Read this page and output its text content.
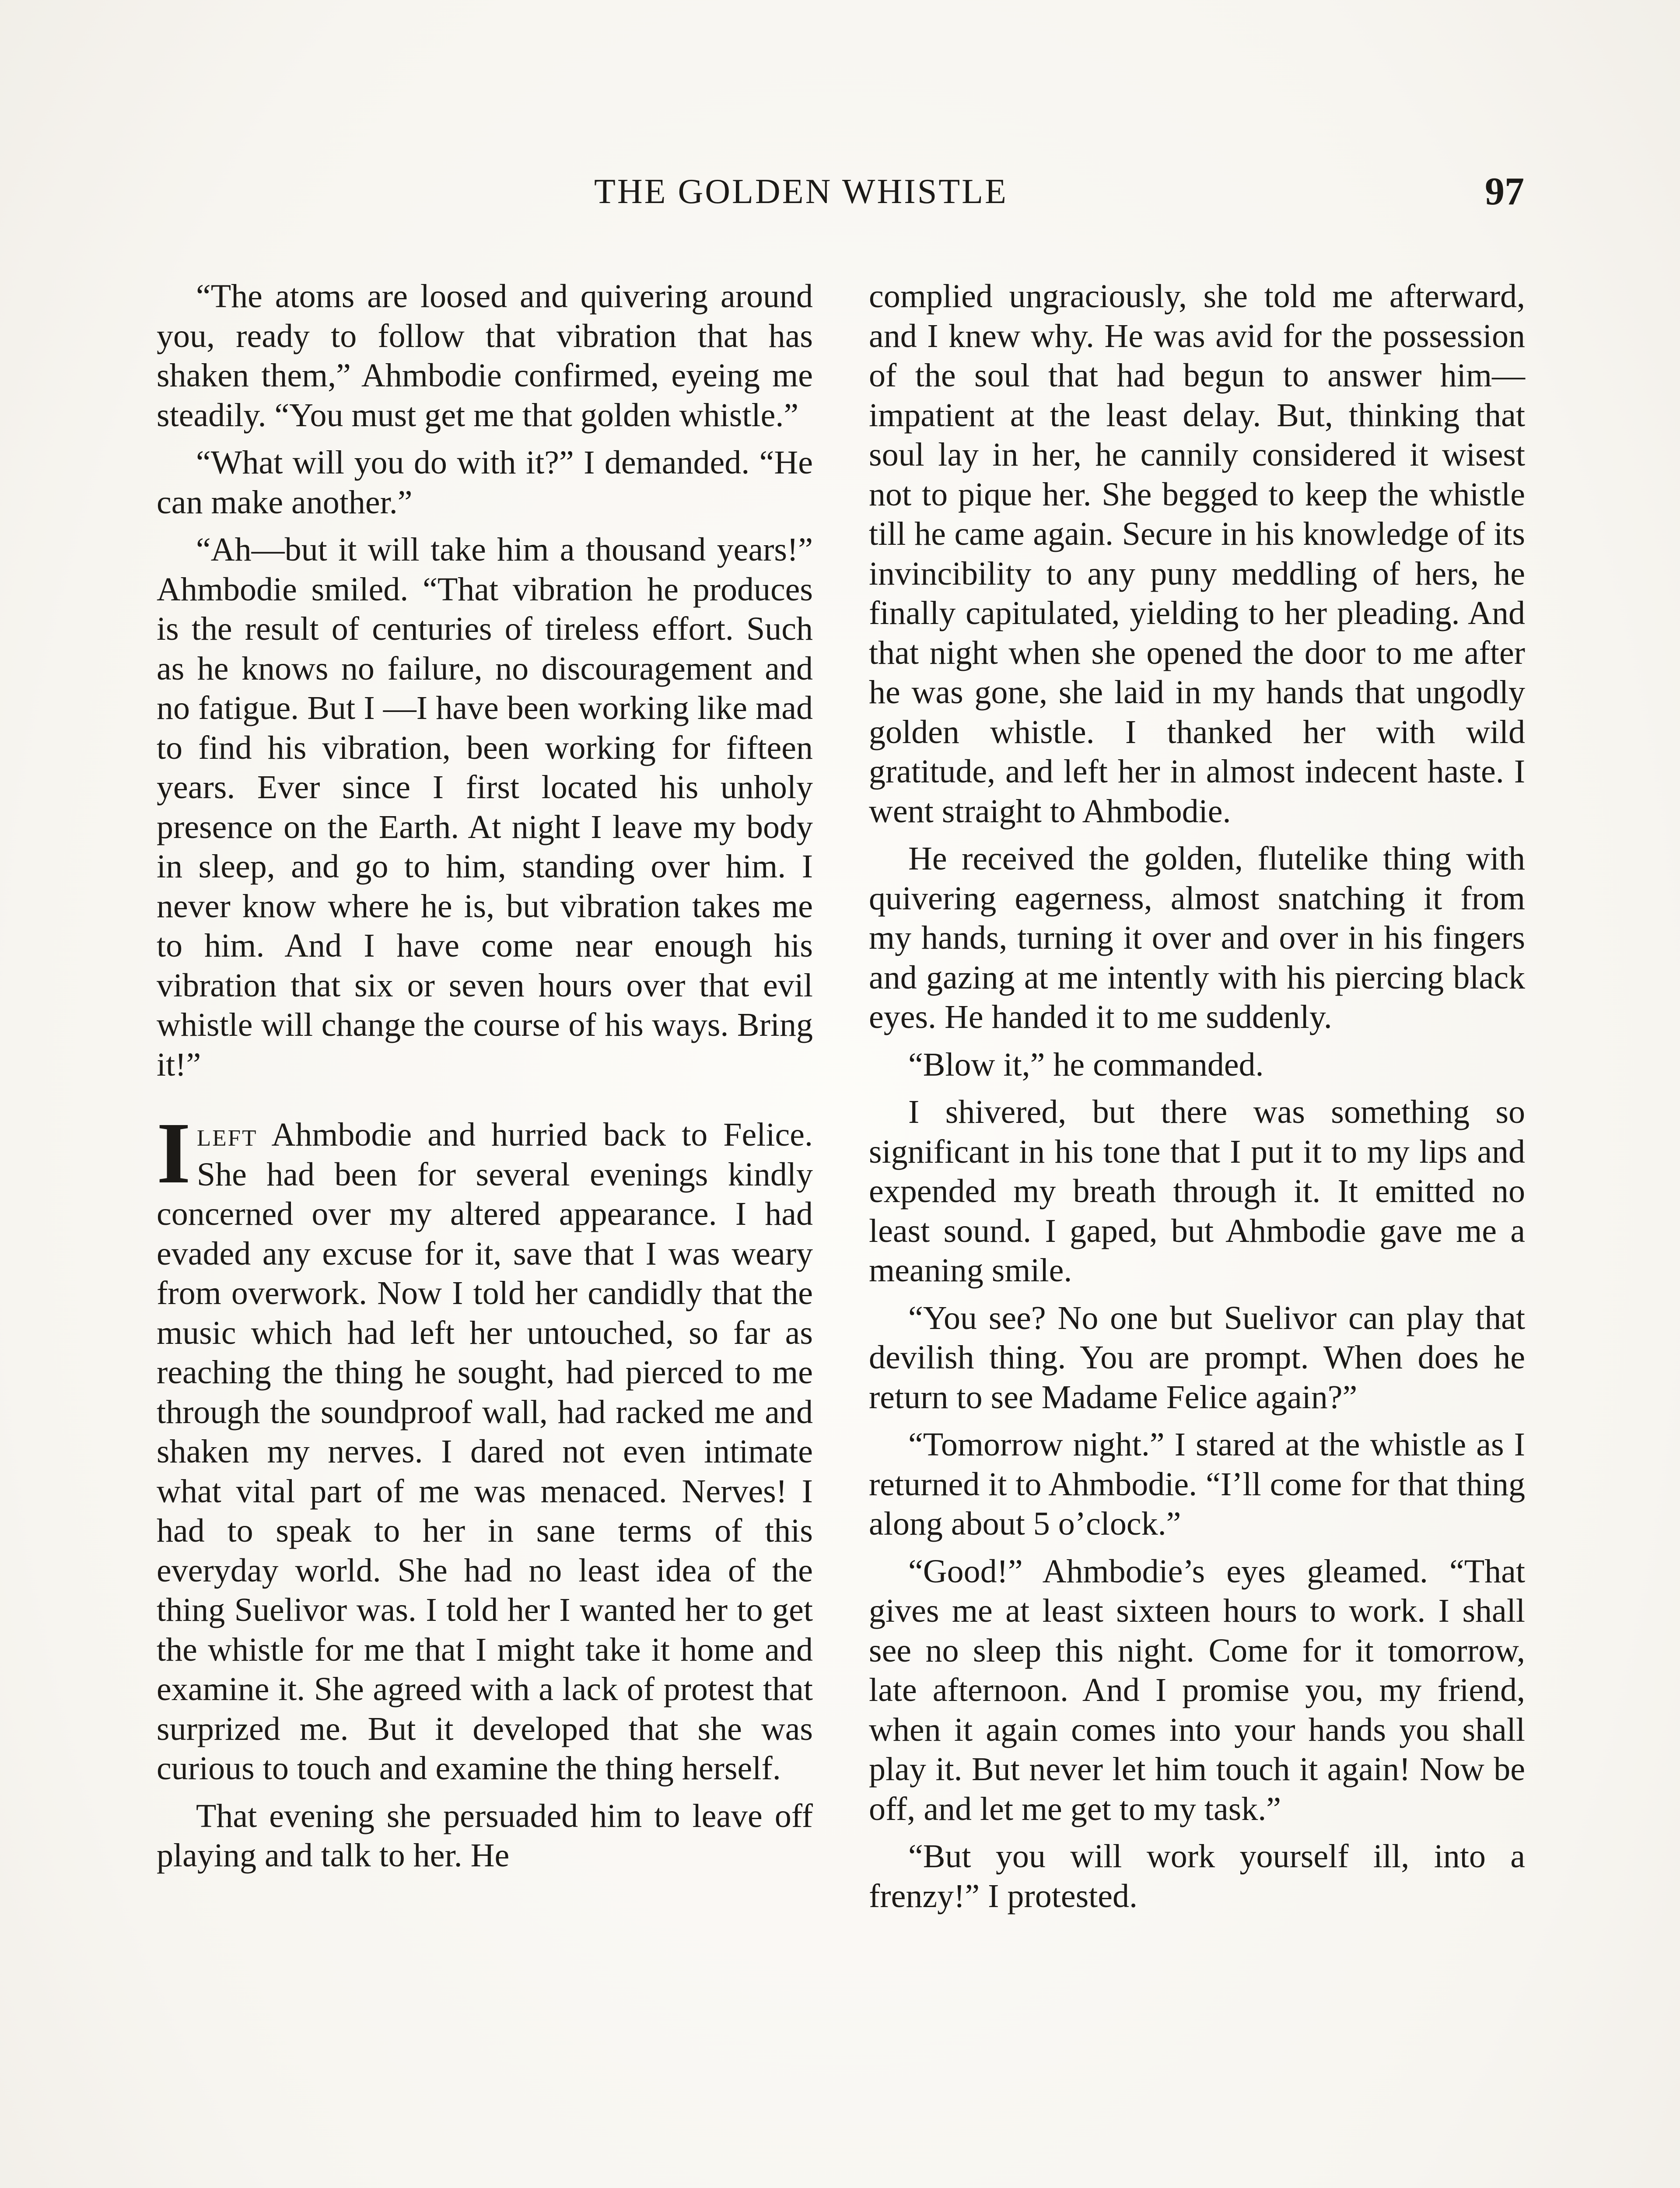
THE GOLDEN WHISTLE	97

“The atoms are loosed and quivering around you, ready to follow that vibration that has shaken them,” Ahmbodie confirmed, eyeing me steadily. “You must get me that golden whistle.”

“What will you do with it?” I demanded. “He can make another.”

“Ah—but it will take him a thousand years!” Ahmbodie smiled. “That vibration he produces is the result of centuries of tireless effort. Such as he knows no failure, no discouragement and no fatigue. But I —I have been working like mad to find his vibration, been working for fifteen years. Ever since I first located his unholy presence on the Earth. At night I leave my body in sleep, and go to him, standing over him. I never know where he is, but vibration takes me to him. And I have come near enough his vibration that six or seven hours over that evil whistle will change the course of his ways. Bring it!”

Ileft Ahmbodie and hurried back to Felice. She had been for several evenings kindly concerned over my altered appearance. I had evaded any excuse for it, save that I was weary from overwork. Now I told her candidly that the music which had left her untouched, so far as reaching the thing he sought, had pierced to me through the soundproof wall, had racked me and shaken my nerves. I dared not even intimate what vital part of me was menaced. Nerves! I had to speak to her in sane terms of this everyday world. She had no least idea of the thing Suelivor was. I told her I wanted her to get the whistle for me that I might take it home and examine it. She agreed with a lack of protest that surprized me. But it developed that she was curious to touch and examine the thing herself.

That evening she persuaded him to leave off playing and talk to her. He

complied ungraciously, she told me afterward, and I knew why. He was avid for the possession of the soul that had begun to answer him—impatient at the least delay. But, thinking that soul lay in her, he cannily considered it wisest not to pique her. She begged to keep the whistle till he came again. Secure in his knowledge of its invincibility to any puny meddling of hers, he finally capitulated, yielding to her pleading. And that night when she opened the door to me after he was gone, she laid in my hands that ungodly golden whistle. I thanked her with wild gratitude, and left her in almost indecent haste. I went straight to Ahmbodie.

He received the golden, flutelike thing with quivering eagerness, almost snatching it from my hands, turning it over and over in his fingers and gazing at me intently with his piercing black eyes. He handed it to me suddenly.

“Blow it,” he commanded.

I shivered, but there was something so significant in his tone that I put it to my lips and expended my breath through it. It emitted no least sound. I gaped, but Ahmbodie gave me a meaning smile.

“You see? No one but Suelivor can play that devilish thing. You are prompt. When does he return to see Madame Felice again?”

“Tomorrow night.” I stared at the whistle as I returned it to Ahmbodie. “I’ll come for that thing along about 5 o’clock.”

“Good!” Ahmbodie’s eyes gleamed. “That gives me at least sixteen hours to work. I shall see no sleep this night. Come for it tomorrow, late afternoon. And I promise you, my friend, when it again comes into your hands you shall play it. But never let him touch it again! Now be off, and let me get to my task.”

“But you will work yourself ill, into a frenzy!” I protested.
